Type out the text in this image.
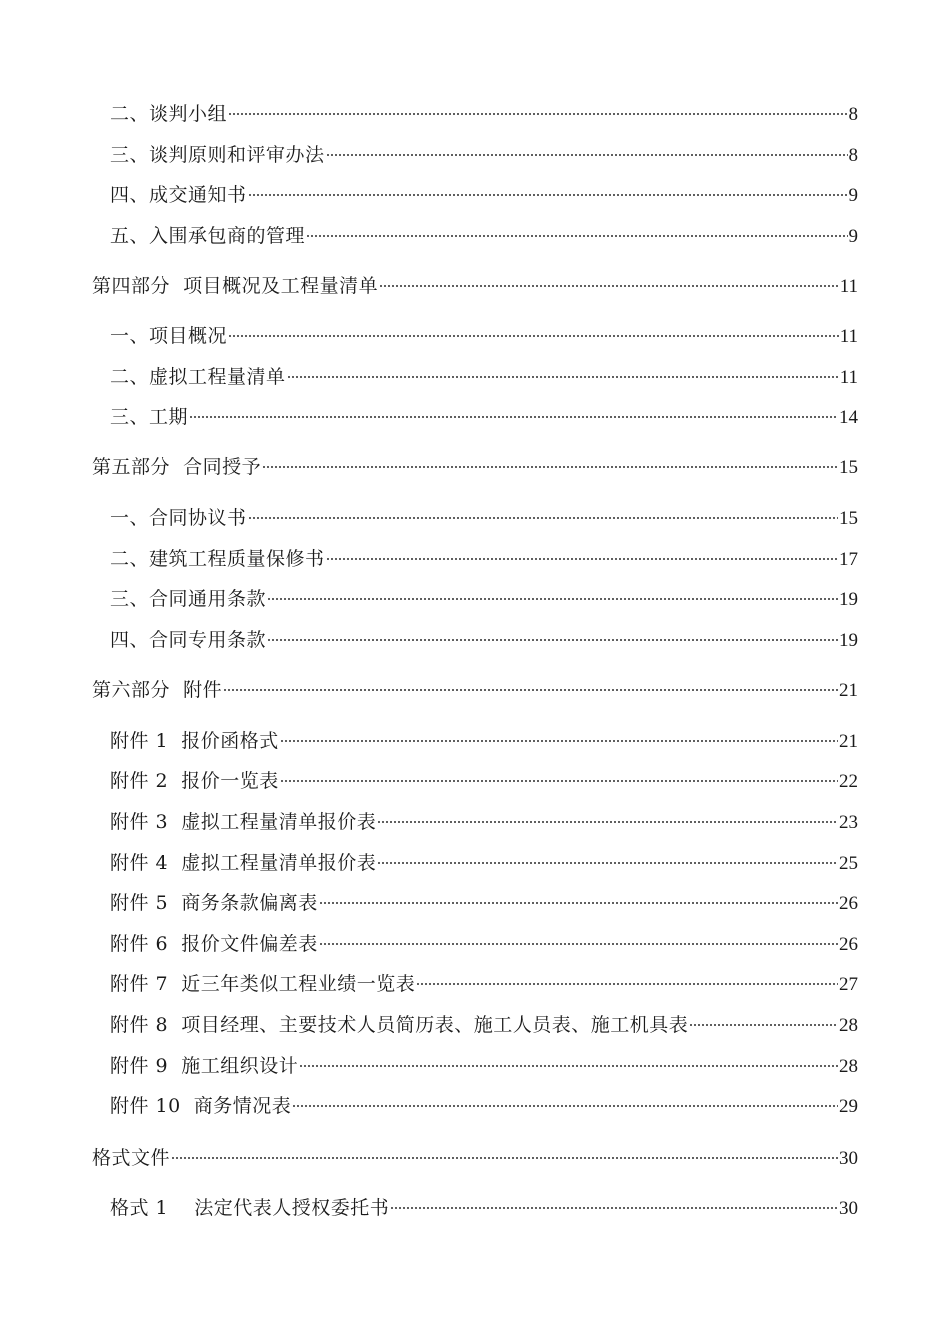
二、谈判小组	8
三、谈判原则和评审办法	8
四、成交通知书	9
五、入围承包商的管理	9
第四部分  项目概况及工程量清单	11
一、项目概况	11
二、虚拟工程量清单	11
三、工期	14
第五部分  合同授予	15
一、合同协议书	15
二、建筑工程质量保修书	17
三、合同通用条款	19
四、合同专用条款	19
第六部分  附件	21
附件 1  报价函格式	21
附件 2  报价一览表	22
附件 3  虚拟工程量清单报价表	23
附件 4  虚拟工程量清单报价表	25
附件 5  商务条款偏离表	26
附件 6  报价文件偏差表	26
附件 7  近三年类似工程业绩一览表	27
附件 8  项目经理、主要技术人员简历表、施工人员表、施工机具表	28
附件 9  施工组织设计	28
附件 10  商务情况表	29
格式文件	30
格式 1    法定代表人授权委托书	30
